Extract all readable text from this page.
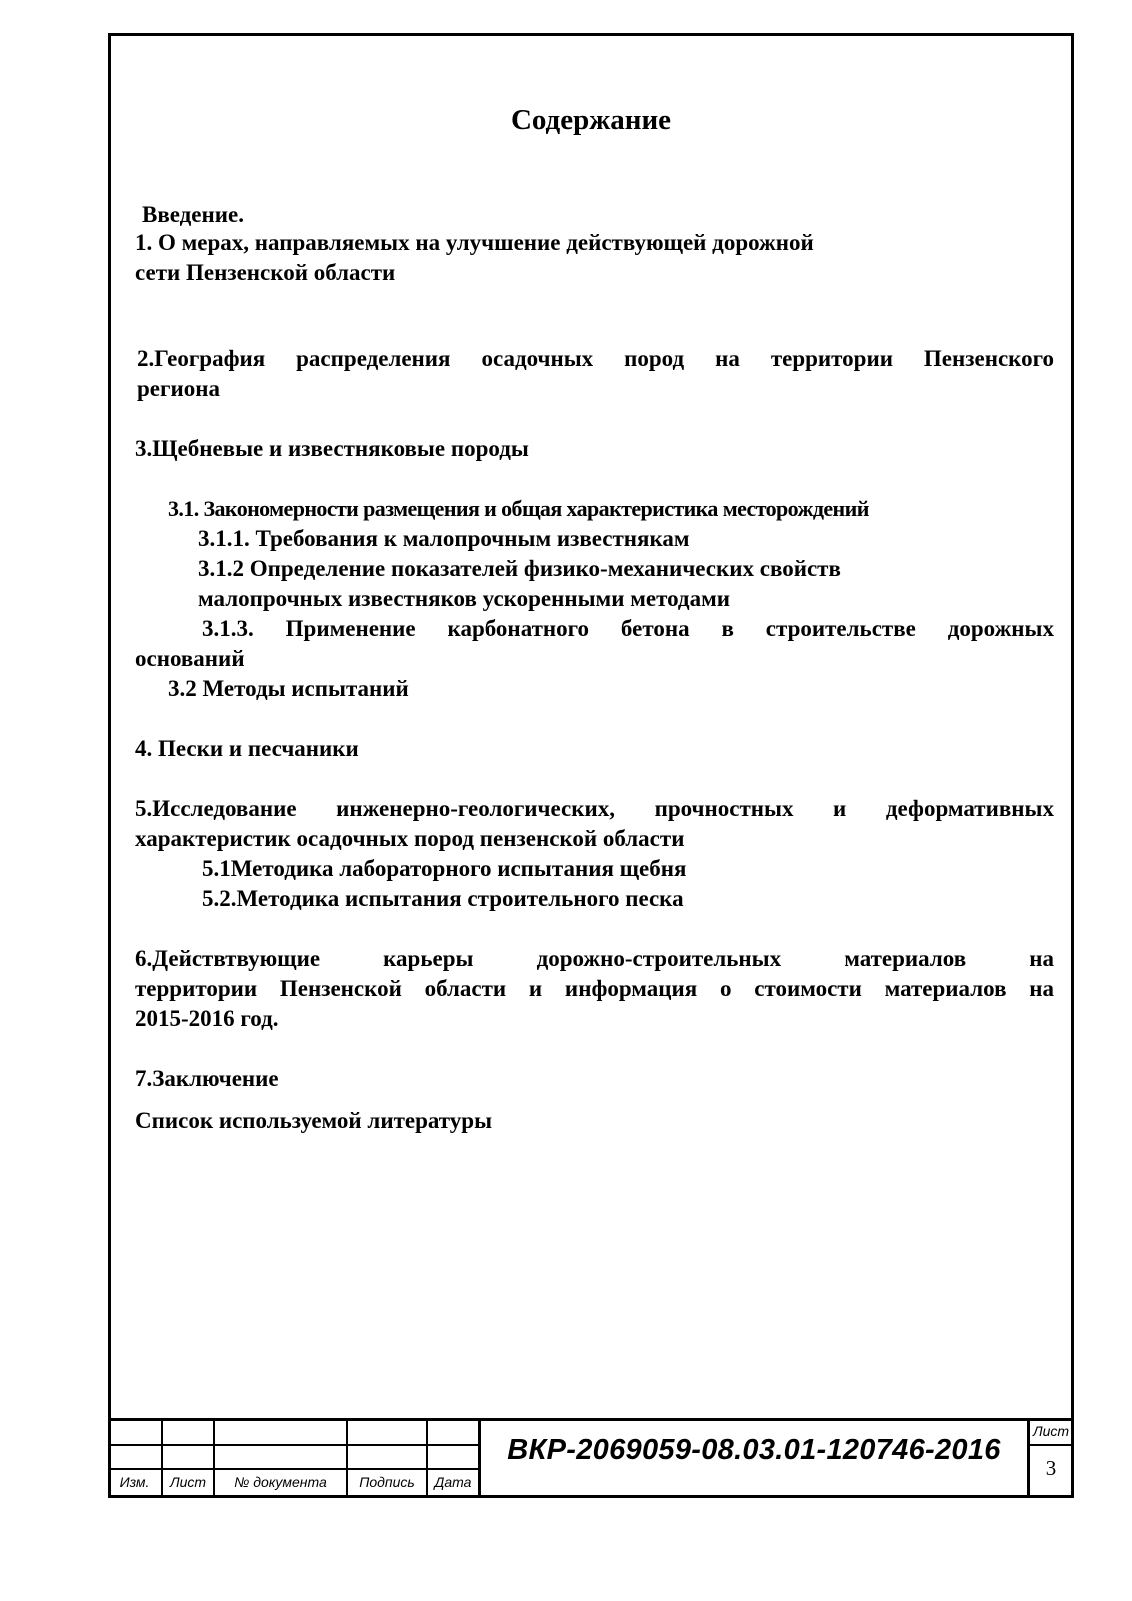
Содержание
Введение.
1. О мерах, направляемых на улучшение действующей дорожной
сети Пензенской области
2.География распределения осадочных пород на территории Пензенского
региона
3.Щебневые и известняковые породы
3.1. Закономерности размещения и общая характеристика месторождений
3.1.1. Требования к малопрочным известнякам
3.1.2 Определение показателей физико-механических свойств
малопрочных известняков ускоренными методами
3.1.3. Применение карбонатного бетона в строительстве дорожных
оснований
3.2 Методы испытаний
4. Пески и песчаники
5.Исследование инженерно-геологических, прочностных и деформативных
характеристик осадочных пород пензенской области
5.1Методика лабораторного испытания щебня
5.2.Методика испытания строительного песка
6.Действтвующие карьеры дорожно-строительных материалов на
территории Пензенской области и информация о стоимости материалов на
2015-2016 год.
7.Заключение
Список используемой литературы
Изм.	Лист	№ документа	Подпись	Дата
ВКР-2069059-08.03.01-120746-2016
Лист
3
